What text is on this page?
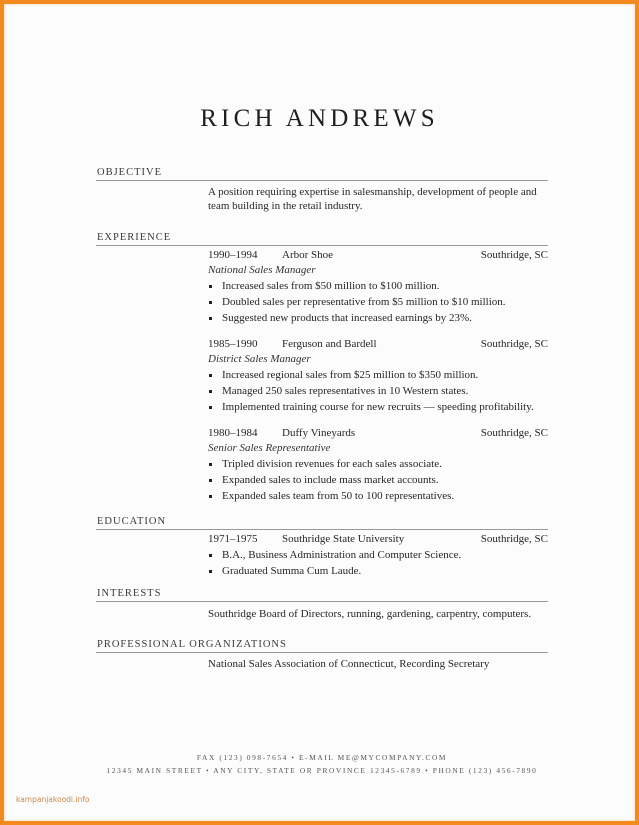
RICH ANDREWS
OBJECTIVE
A position requiring expertise in salesmanship, development of people and team building in the retail industry.
EXPERIENCE
1990–1994 Arbor Shoe	Southridge, SC
National Sales Manager
Increased sales from $50 million to $100 million.
Doubled sales per representative from $5 million to $10 million.
Suggested new products that increased earnings by 23%.
1985–1990 Ferguson and Bardell	Southridge, SC
District Sales Manager
Increased regional sales from $25 million to $350 million.
Managed 250 sales representatives in 10 Western states.
Implemented training course for new recruits — speeding profitability.
1980–1984 Duffy Vineyards	Southridge, SC
Senior Sales Representative
Tripled division revenues for each sales associate.
Expanded sales to include mass market accounts.
Expanded sales team from 50 to 100 representatives.
EDUCATION
1971–1975 Southridge State University	Southridge, SC
B.A., Business Administration and Computer Science.
Graduated Summa Cum Laude.
INTERESTS
Southridge Board of Directors, running, gardening, carpentry, computers.
PROFESSIONAL ORGANIZATIONS
National Sales Association of Connecticut, Recording Secretary
FAX (123) 098-7654 • E-MAIL ME@MYCOMPANY.COM
12345 MAIN STREET • ANY CITY, STATE OR PROVINCE 12345-6789 • PHONE (123) 456-7890
kampanjakoodi.info
